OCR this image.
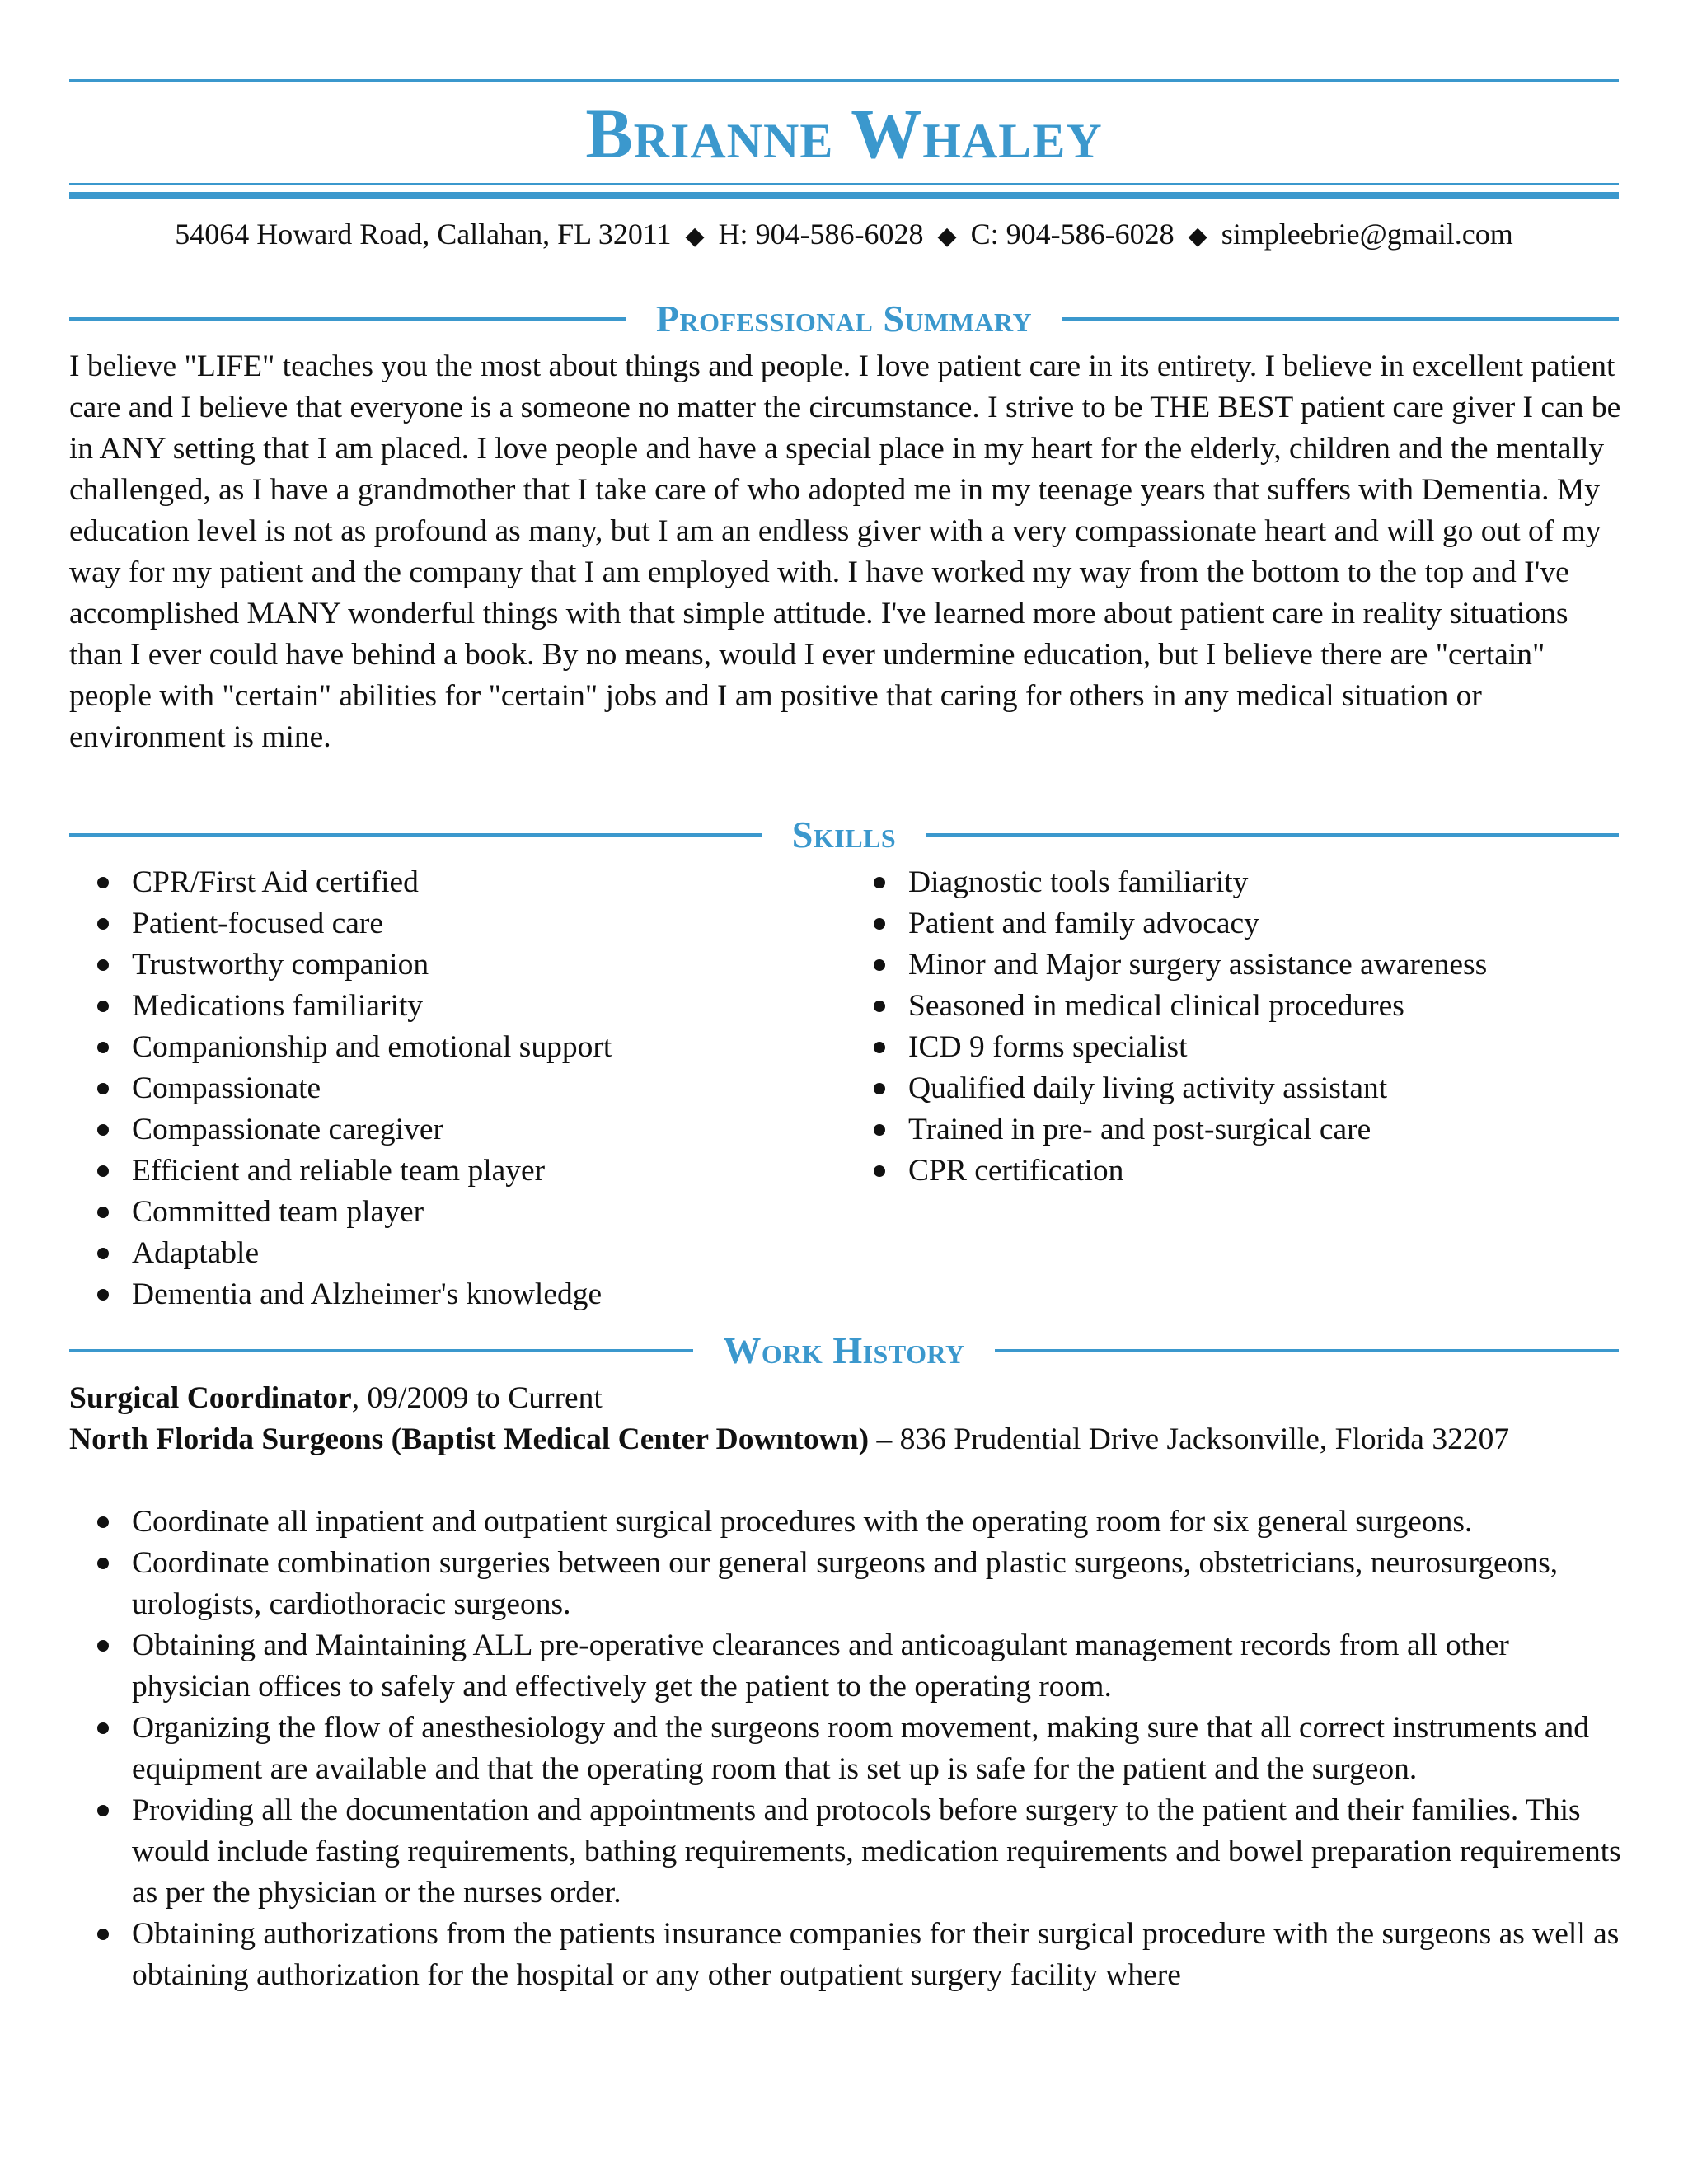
Brianne Whaley
54064 Howard Road, Callahan, FL 32011 ◆ H: 904-586-6028 ◆ C: 904-586-6028 ◆ simpleebrie@gmail.com
Professional Summary

I believe "LIFE" teaches you the most about things and people. I love patient care in its entirety. I believe in excellent patient care and I believe that everyone is a someone no matter the circumstance. I strive to be THE BEST patient care giver I can be in ANY setting that I am placed. I love people and have a special place in my heart for the elderly, children and the mentally challenged, as I have a grandmother that I take care of who adopted me in my teenage years that suffers with Dementia. My education level is not as profound as many, but I am an endless giver with a very compassionate heart and will go out of my way for my patient and the company that I am employed with. I have worked my way from the bottom to the top and I've accomplished MANY wonderful things with that simple attitude. I've learned more about patient care in reality situations than I ever could have behind a book. By no means, would I ever undermine education, but I believe there are "certain" people with "certain" abilities for "certain" jobs and I am positive that caring for others in any medical situation or environment is mine.

Skills
CPR/First Aid certified
Patient-focused care
Trustworthy companion
Medications familiarity
Companionship and emotional support
Compassionate
Compassionate caregiver
Efficient and reliable team player
Committed team player
Adaptable
Dementia and Alzheimer's knowledge
Diagnostic tools familiarity
Patient and family advocacy
Minor and Major surgery assistance awareness
Seasoned in medical clinical procedures
ICD 9 forms specialist
Qualified daily living activity assistant
Trained in pre- and post-surgical care
CPR certification
Work History
Surgical Coordinator, 09/2009 to Current
North Florida Surgeons (Baptist Medical Center Downtown) – 836 Prudential Drive Jacksonville, Florida 32207
Coordinate all inpatient and outpatient surgical procedures with the operating room for six general surgeons.
Coordinate combination surgeries between our general surgeons and plastic surgeons, obstetricians, neurosurgeons, urologists, cardiothoracic surgeons.
Obtaining and Maintaining ALL pre-operative clearances and anticoagulant management records from all other physician offices to safely and effectively get the patient to the operating room.
Organizing the flow of anesthesiology and the surgeons room movement, making sure that all correct instruments and equipment are available and that the operating room that is set up is safe for the patient and the surgeon.
Providing all the documentation and appointments and protocols before surgery to the patient and their families. This would include fasting requirements, bathing requirements, medication requirements and bowel preparation requirements as per the physician or the nurses order.
Obtaining authorizations from the patients insurance companies for their surgical procedure with the surgeons as well as obtaining authorization for the hospital or any other outpatient surgery facility where
